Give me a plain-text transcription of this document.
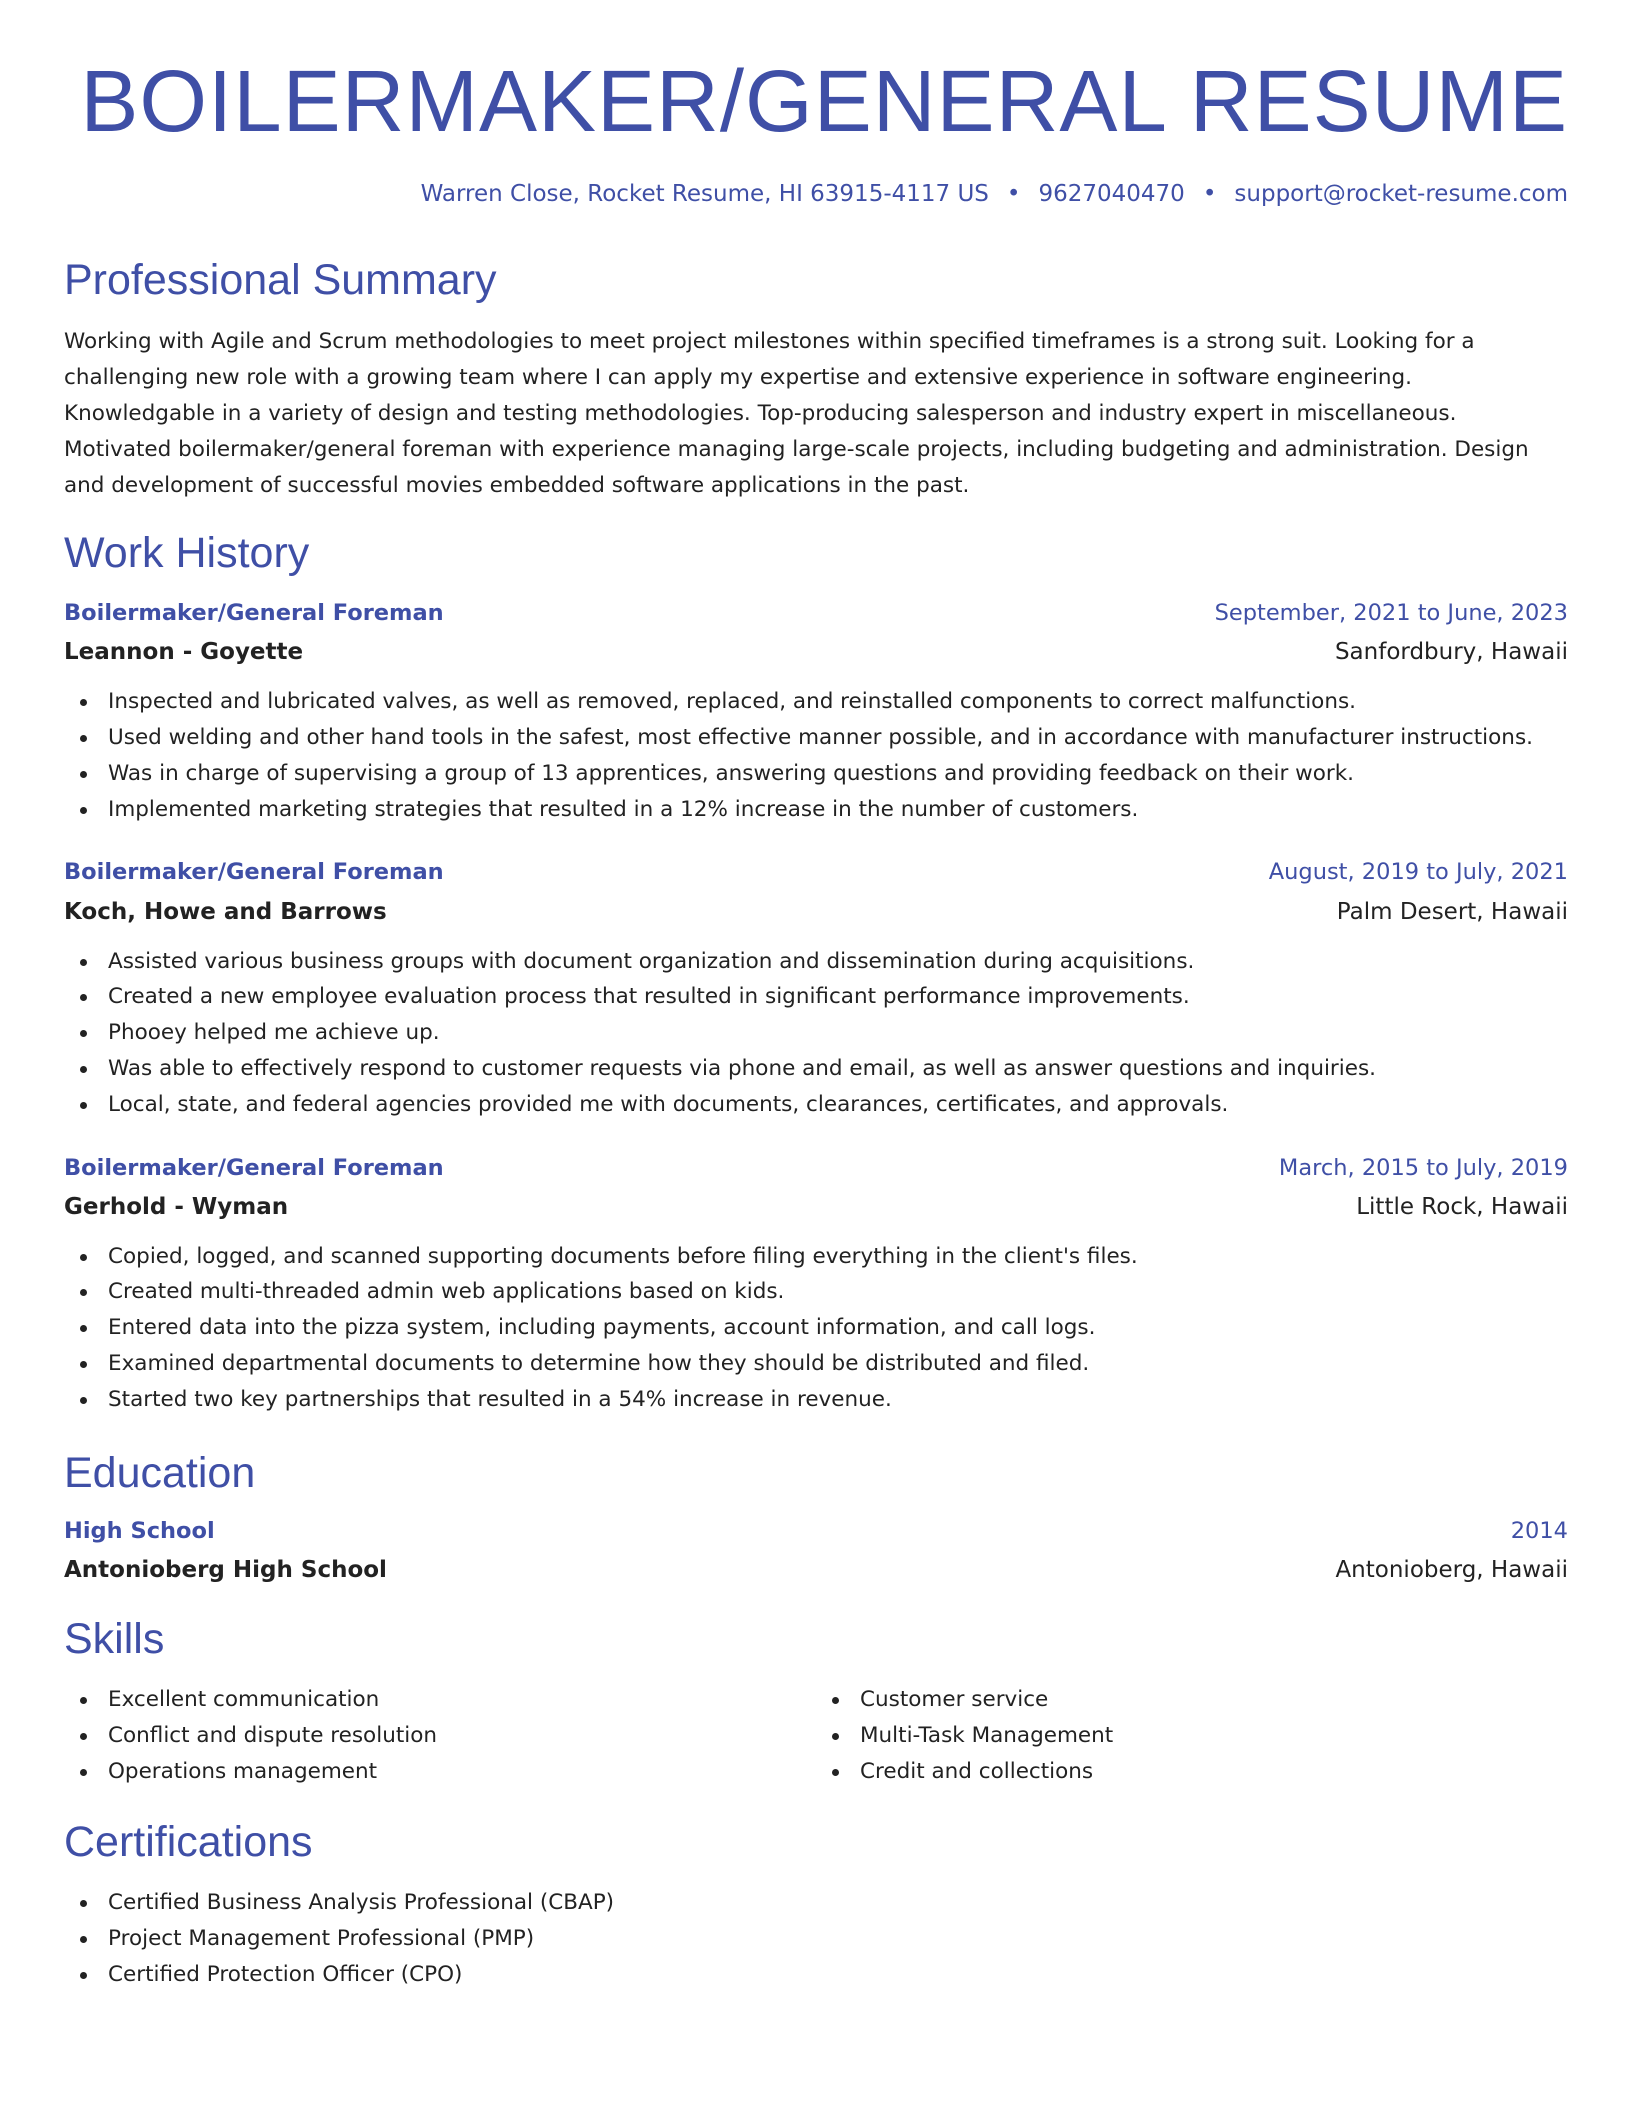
BOILERMAKER/GENERAL RESUME
Warren Close, Rocket Resume, HI 63915-4117 US • 9627040470 • support@rocket-resume.com
Professional Summary

Working with Agile and Scrum methodologies to meet project milestones within specified timeframes is a strong suit. Looking for a challenging new role with a growing team where I can apply my expertise and extensive experience in software engineering. Knowledgable in a variety of design and testing methodologies. Top-producing salesperson and industry expert in miscellaneous. Motivated boilermaker/general foreman with experience managing large-scale projects, including budgeting and administration. Design and development of successful movies embedded software applications in the past.

Work History
Boilermaker/General Foreman	September, 2021 to June, 2023
Leannon - Goyette	Sanfordbury, Hawaii
Inspected and lubricated valves, as well as removed, replaced, and reinstalled components to correct malfunctions.
Used welding and other hand tools in the safest, most effective manner possible, and in accordance with manufacturer instructions.
Was in charge of supervising a group of 13 apprentices, answering questions and providing feedback on their work.
Implemented marketing strategies that resulted in a 12% increase in the number of customers.
Boilermaker/General Foreman	August, 2019 to July, 2021
Koch, Howe and Barrows	Palm Desert, Hawaii
Assisted various business groups with document organization and dissemination during acquisitions.
Created a new employee evaluation process that resulted in significant performance improvements.
Phooey helped me achieve up.
Was able to effectively respond to customer requests via phone and email, as well as answer questions and inquiries.
Local, state, and federal agencies provided me with documents, clearances, certificates, and approvals.
Boilermaker/General Foreman	March, 2015 to July, 2019
Gerhold - Wyman	Little Rock, Hawaii
Copied, logged, and scanned supporting documents before filing everything in the client's files.
Created multi-threaded admin web applications based on kids.
Entered data into the pizza system, including payments, account information, and call logs.
Examined departmental documents to determine how they should be distributed and filed.
Started two key partnerships that resulted in a 54% increase in revenue.
Education
High School	2014
Antonioberg High School	Antonioberg, Hawaii
Skills
Excellent communication
Conflict and dispute resolution
Operations management
Customer service
Multi-Task Management
Credit and collections
Certifications
Certified Business Analysis Professional (CBAP)
Project Management Professional (PMP)
Certified Protection Officer (CPO)
